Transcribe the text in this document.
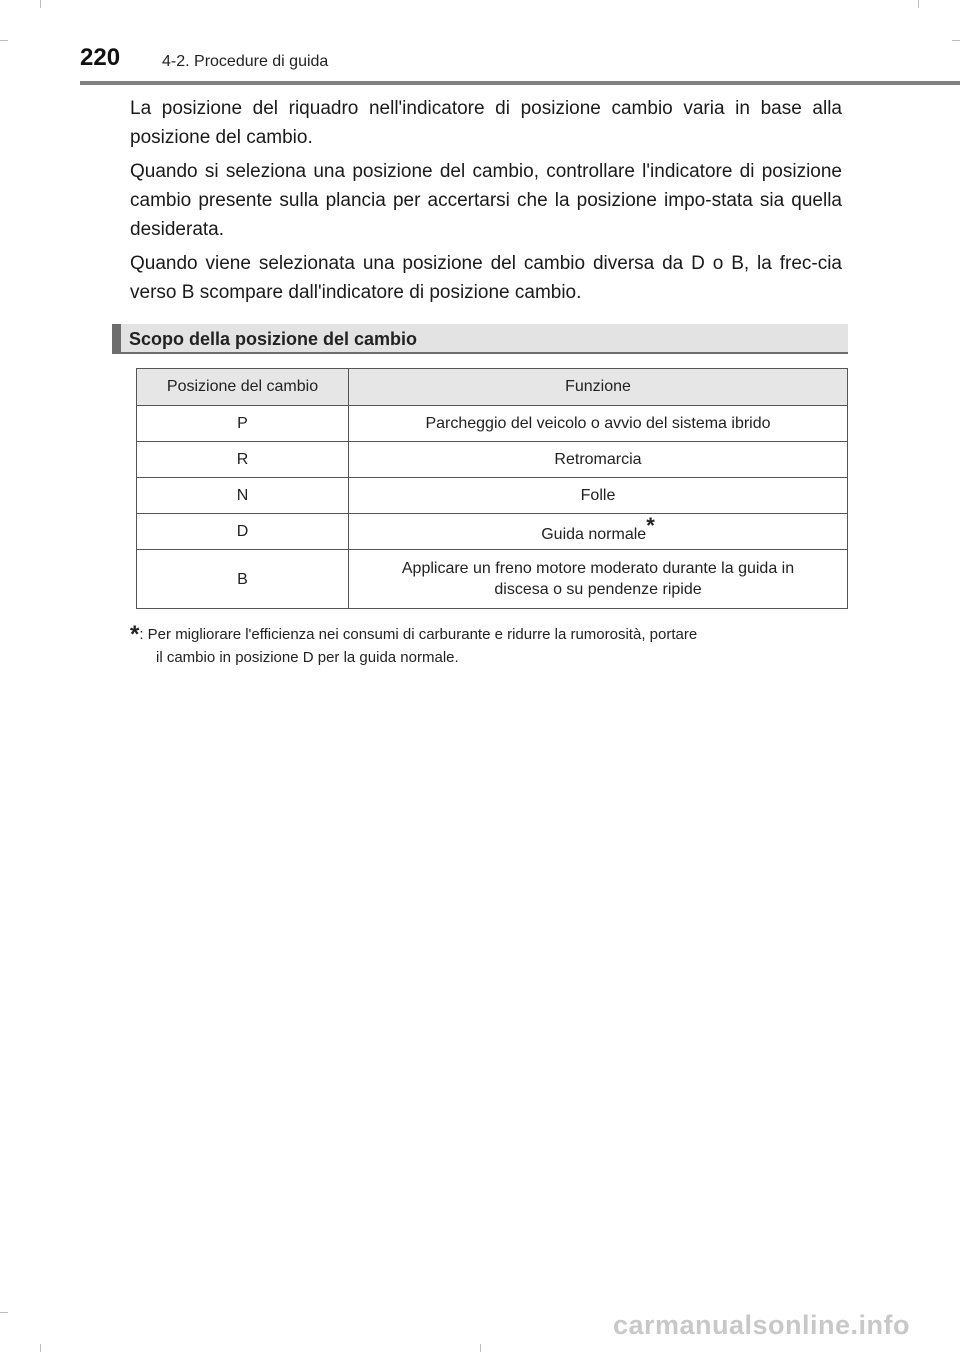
220	4-2. Procedure di guida

La posizione del riquadro nell'indicatore di posizione cambio varia in base alla posizione del cambio.

Quando si seleziona una posizione del cambio, controllare l'indicatore di posizione cambio presente sulla plancia per accertarsi che la posizione impo-stata sia quella desiderata.

Quando viene selezionata una posizione del cambio diversa da D o B, la frec-cia verso B scompare dall'indicatore di posizione cambio.

Scopo della posizione del cambio
Posizione del cambio	Funzione
P	Parcheggio del veicolo o avvio del sistema ibrido
R	Retromarcia
N	Folle
D	Guida normale*
B	Applicare un freno motore moderato durante la guida in
discesa o su pendenze ripide
*: Per migliorare l'efficienza nei consumi di carburante e ridurre la rumorosità, portare
il cambio in posizione D per la guida normale.
carmanualsonline.info
